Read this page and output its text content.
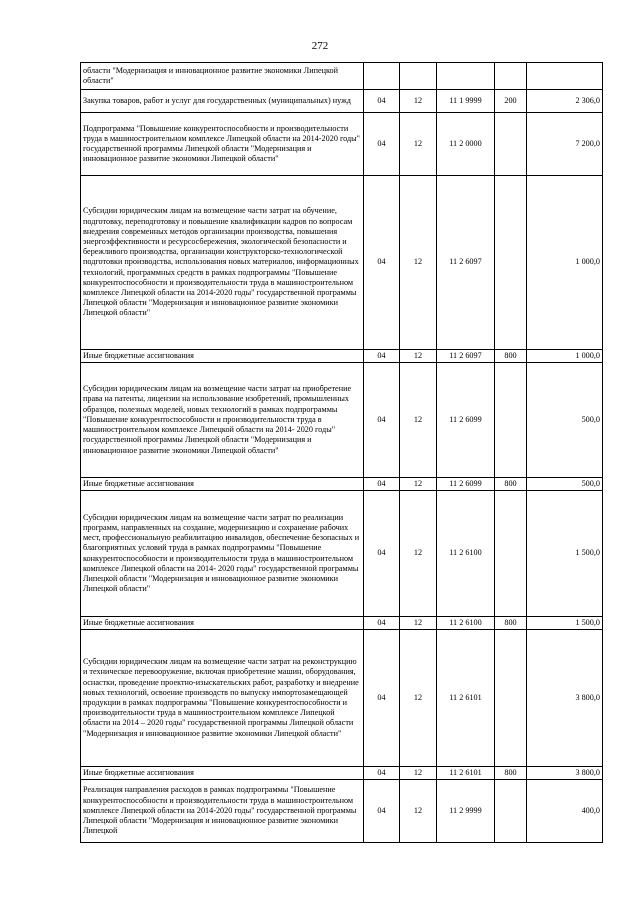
272
области "Модернизация и инновационное развитие экономики Липецкой области"					
Закупка товаров, работ и услуг для государственных (муниципальных) нужд	04	12	11 1 9999	200	2 306,0
Подпрограмма "Повышение конкурентоспособности и производительности труда в машиностроительном комплексе Липецкой области на 2014-2020 годы" государственной программы Липецкой области "Модернизация и инновационное развитие экономики Липецкой области"	04	12	11 2 0000		7 200,0
Субсидии юридическим лицам на возмещение части затрат на обучение, подготовку, переподготовку и повышение квалификации кадров по вопросам внедрения современных методов организации производства, повышения энергоэффективности и ресурсосбережения, экологической безопасности и бережливого производства, организации конструкторско-технологической подготовки производства, использования новых материалов, информационных технологий, программных средств в рамках подпрограммы "Повышение конкурентоспособности и производительности труда в машиностроительном комплексе Липецкой области на 2014-2020 годы" государственной программы Липецкой области "Модернизация и инновационное развитие экономики Липецкой области"	04	12	11 2 6097		1 000,0
Иные бюджетные ассигнования	04	12	11 2 6097	800	1 000,0
Субсидии юридическим лицам на возмещение части затрат на приобретение права на патенты, лицензии на использование изобретений, промышленных образцов, полезных моделей, новых технологий в рамках подпрограммы "Повышение конкурентоспособности и производительности труда в машиностроительном комплексе Липецкой области на 2014- 2020 годы" государственной программы Липецкой области "Модернизация и инновационное развитие экономики Липецкой области"	04	12	11 2 6099		500,0
Иные бюджетные ассигнования	04	12	11 2 6099	800	500,0
Субсидии юридическим лицам на возмещение части затрат по реализации программ, направленных на создание, модернизацию и сохранение рабочих мест, профессиональную реабилитацию инвалидов, обеспечение безопасных и благоприятных условий труда в рамках подпрограммы "Повышение конкурентоспособности и производительности труда в машиностроительном комплексе Липецкой области на 2014- 2020 годы" государственной программы Липецкой области "Модернизация и инновационное развитие экономики Липецкой области"	04	12	11 2 6100		1 500,0
Иные бюджетные ассигнования	04	12	11 2 6100	800	1 500,0
Субсидии юридическим лицам на возмещение части затрат на реконструкцию и техническое перевооружение, включая приобретение машин, оборудования, оснастки, проведение проектно-изыскательских работ, разработку и внедрение новых технологий, освоение производств по выпуску импортозамещающей продукции в рамках подпрограммы "Повышение конкурентоспособности и производительности труда в машиностроительном комплексе Липецкой области на 2014 – 2020 годы" государственной программы Липецкой области "Модернизация и инновационное развитие экономики Липецкой области"	04	12	11 2 6101		3 800,0
Иные бюджетные ассигнования	04	12	11 2 6101	800	3 800,0
Реализация направления расходов в рамках подпрограммы "Повышение конкурентоспособности и производительности труда в машиностроительном комплексе Липецкой области на 2014-2020 годы" государственной программы Липецкой области "Модернизация и инновационное развитие экономики Липецкой	04	12	11 2 9999		400,0
